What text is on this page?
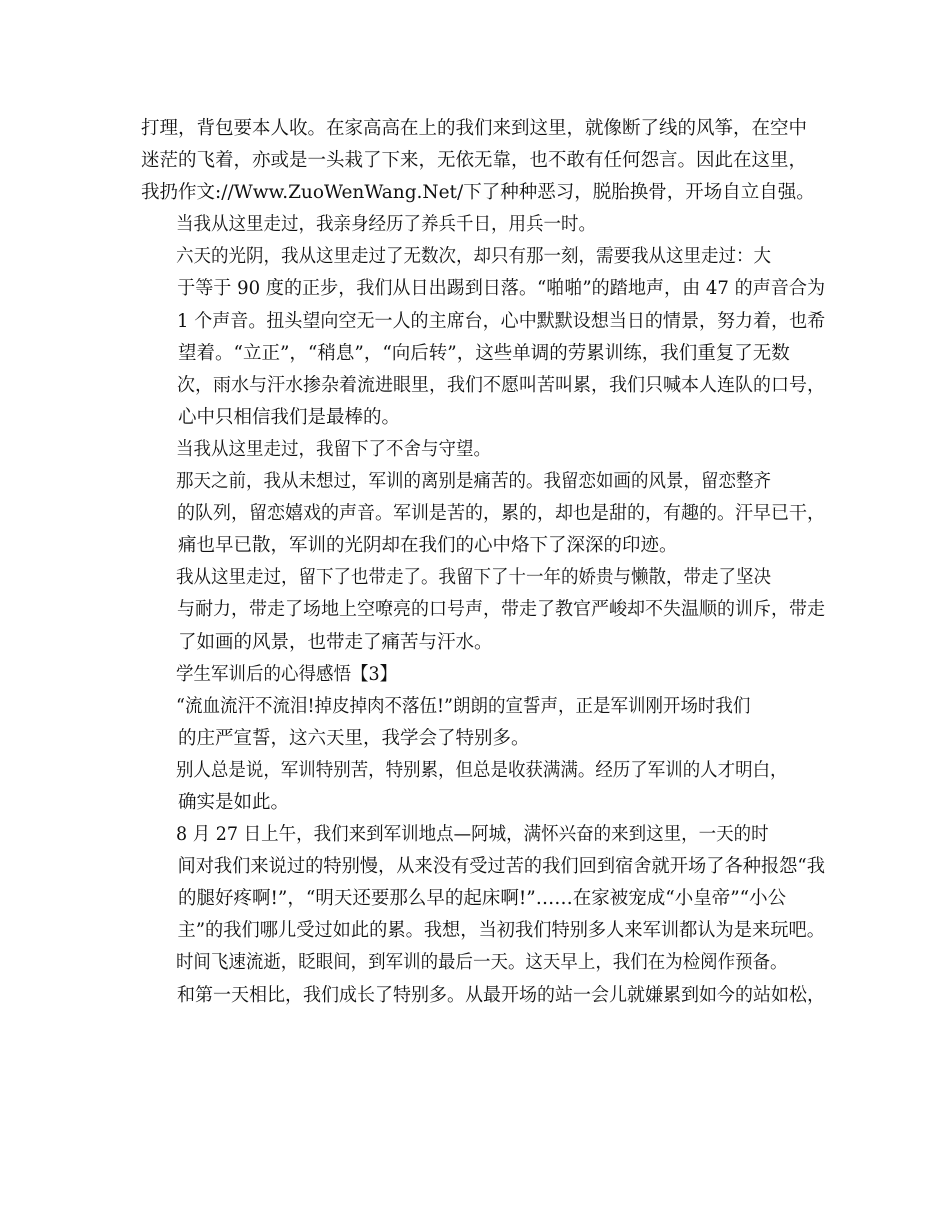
打理，背包要本人收。在家高高在上的我们来到这里，就像断了线的风筝，在空中
迷茫的飞着，亦或是一头栽了下来，无依无靠，也不敢有任何怨言。因此在这里，
我扔作文://Www.ZuoWenWang.Net/下了种种恶习，脱胎换骨，开场自立自强。
当我从这里走过，我亲身经历了养兵千日，用兵一时。
六天的光阴，我从这里走过了无数次，却只有那一刻，需要我从这里走过：大
于等于 90 度的正步，我们从日出踢到日落。“啪啪”的踏地声，由 47 的声音合为
1 个声音。扭头望向空无一人的主席台，心中默默设想当日的情景，努力着，也希
望着。“立正”，“稍息”，“向后转”，这些单调的劳累训练，我们重复了无数
次，雨水与汗水掺杂着流进眼里，我们不愿叫苦叫累，我们只喊本人连队的口号，
心中只相信我们是最棒的。
当我从这里走过，我留下了不舍与守望。
那天之前，我从未想过，军训的离别是痛苦的。我留恋如画的风景，留恋整齐
的队列，留恋嬉戏的声音。军训是苦的，累的，却也是甜的，有趣的。汗早已干，
痛也早已散，军训的光阴却在我们的心中烙下了深深的印迹。
我从这里走过，留下了也带走了。我留下了十一年的娇贵与懒散，带走了坚决
与耐力，带走了场地上空嘹亮的口号声，带走了教官严峻却不失温顺的训斥，带走
了如画的风景，也带走了痛苦与汗水。
学生军训后的心得感悟【3】
“流血流汗不流泪!掉皮掉肉不落伍!”朗朗的宣誓声，正是军训刚开场时我们
的庄严宣誓，这六天里，我学会了特别多。
别人总是说，军训特别苦，特别累，但总是收获满满。经历了军训的人才明白，
确实是如此。
8 月 27 日上午，我们来到军训地点—阿城，满怀兴奋的来到这里，一天的时
间对我们来说过的特别慢，从来没有受过苦的我们回到宿舍就开场了各种报怨“我
的腿好疼啊!”，“明天还要那么早的起床啊!”……在家被宠成“小皇帝”“小公
主”的我们哪儿受过如此的累。我想，当初我们特别多人来军训都认为是来玩吧。
时间飞速流逝，眨眼间，到军训的最后一天。这天早上，我们在为检阅作预备。
和第一天相比，我们成长了特别多。从最开场的站一会儿就嫌累到如今的站如松，
